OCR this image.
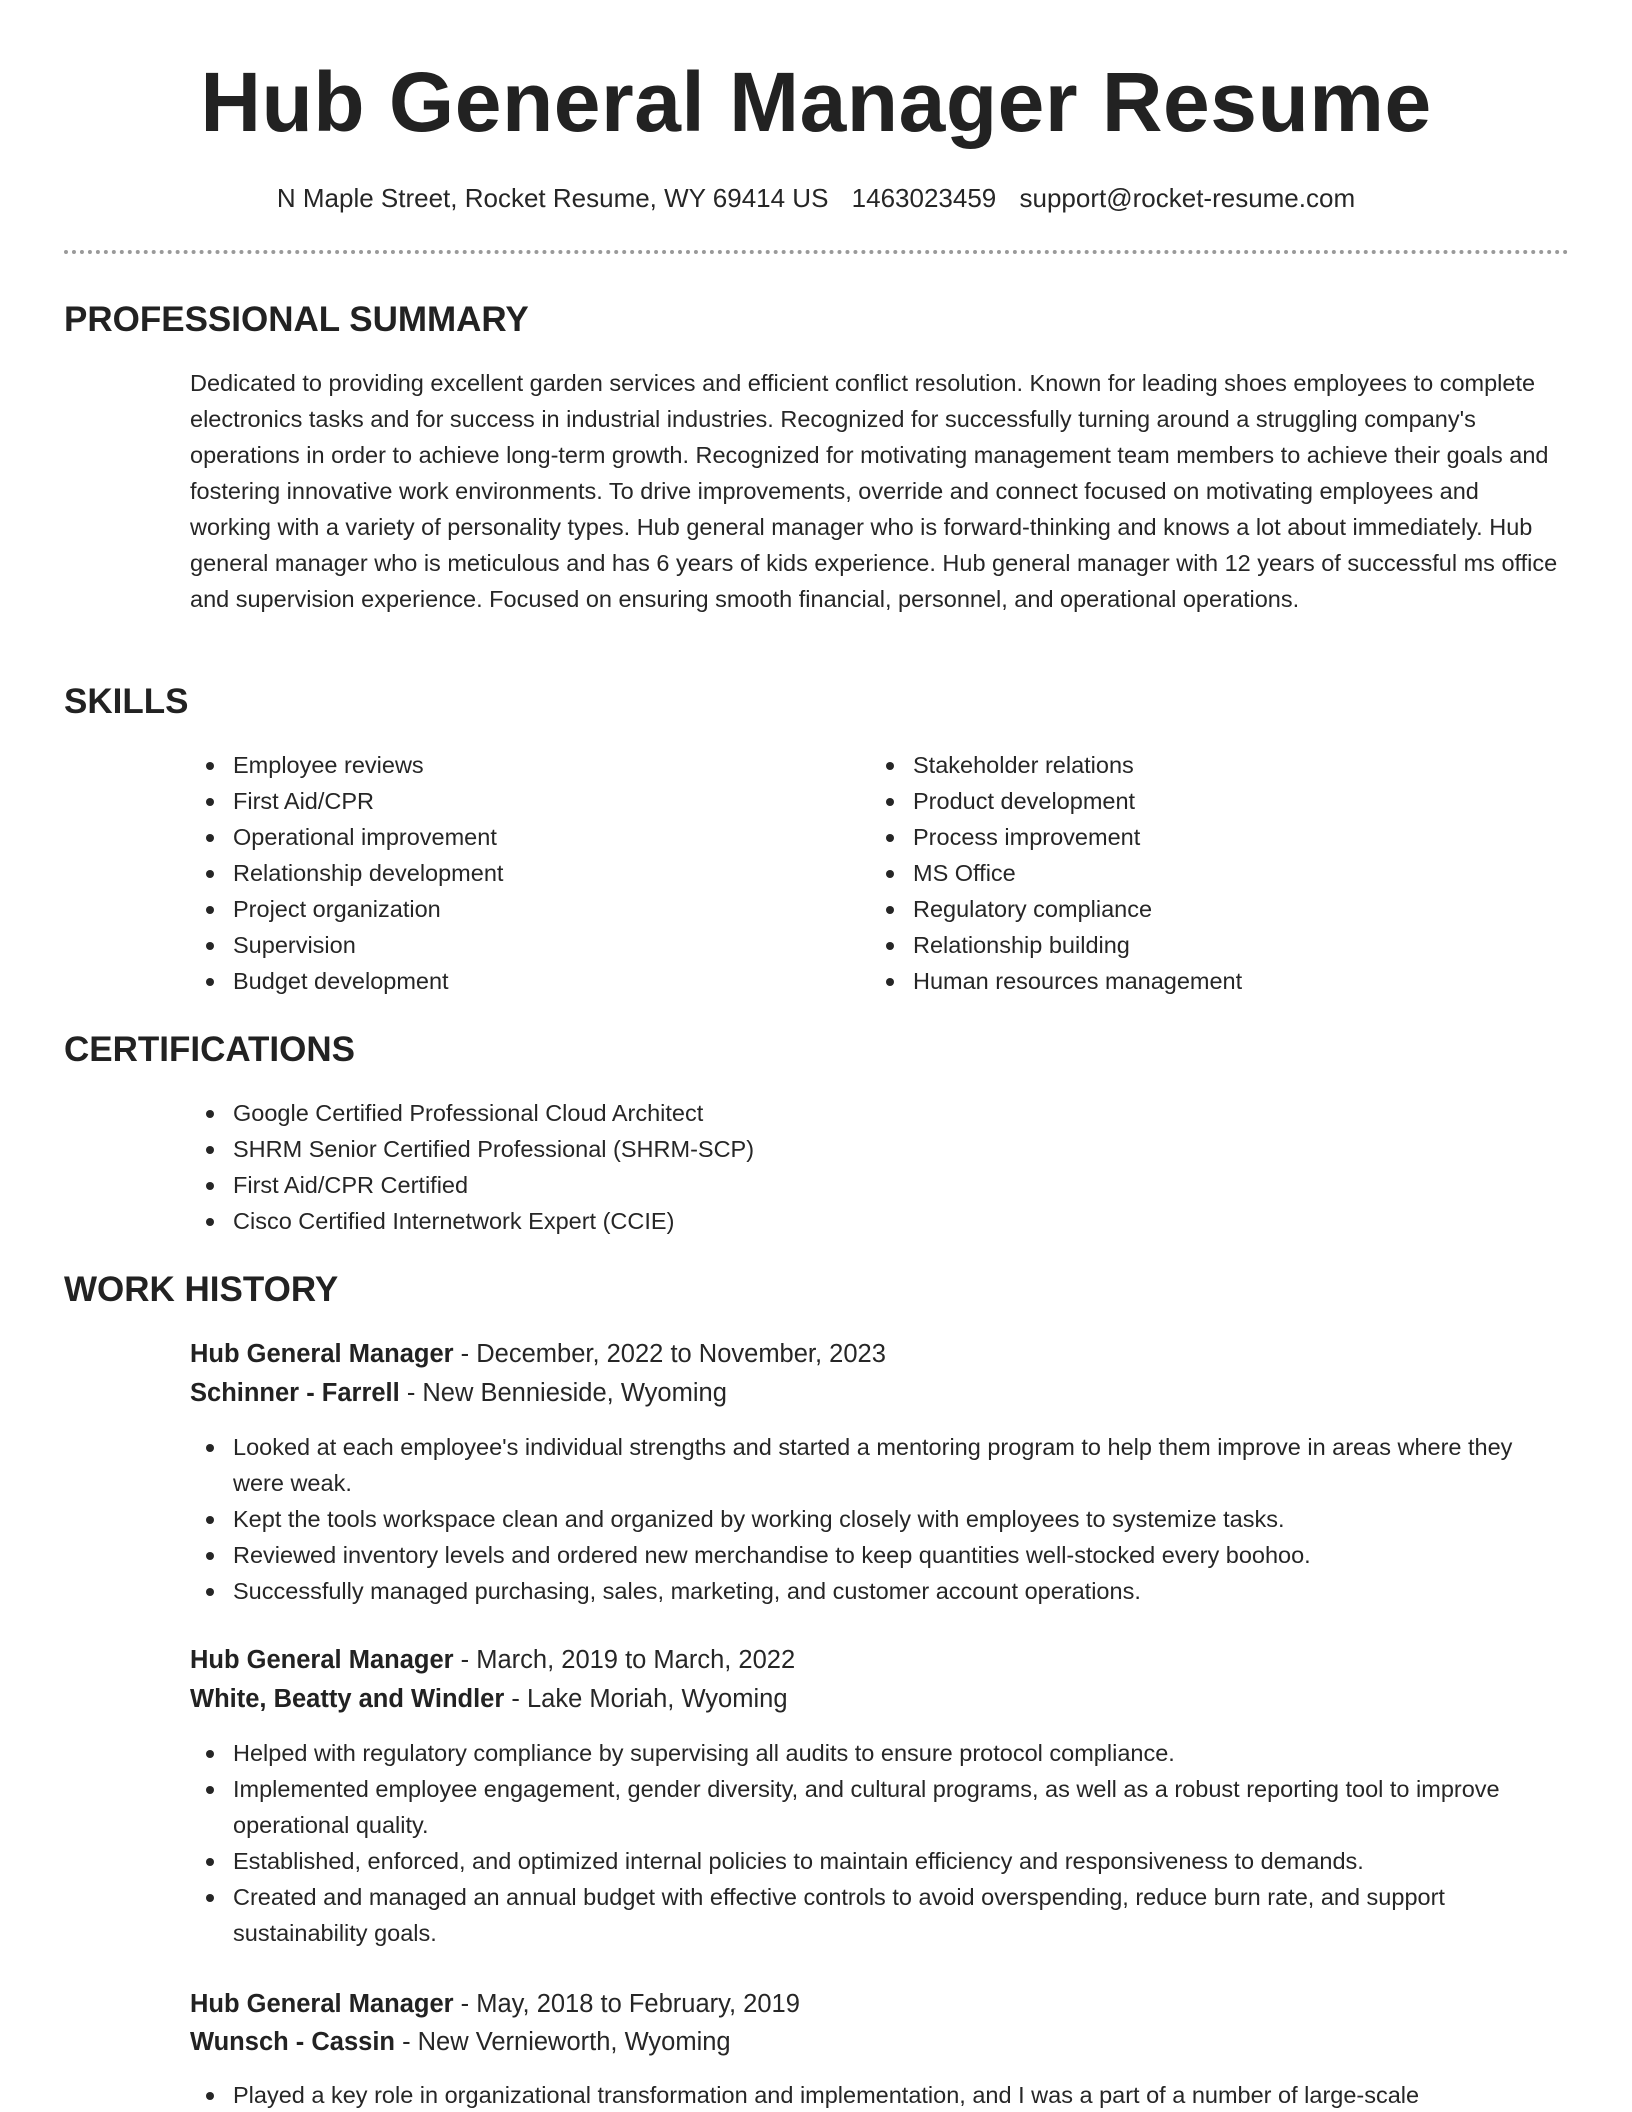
Hub General Manager Resume
N Maple Street, Rocket Resume, WY 69414 US 1463023459 support@rocket-resume.com
PROFESSIONAL SUMMARY

Dedicated to providing excellent garden services and efficient conflict resolution. Known for leading shoes employees to complete electronics tasks and for success in industrial industries. Recognized for successfully turning around a struggling company's operations in order to achieve long-term growth. Recognized for motivating management team members to achieve their goals and fostering innovative work environments. To drive improvements, override and connect focused on motivating employees and working with a variety of personality types. Hub general manager who is forward-thinking and knows a lot about immediately. Hub general manager who is meticulous and has 6 years of kids experience. Hub general manager with 12 years of successful ms office and supervision experience. Focused on ensuring smooth financial, personnel, and operational operations.

SKILLS
Employee reviews
First Aid/CPR
Operational improvement
Relationship development
Project organization
Supervision
Budget development
Stakeholder relations
Product development
Process improvement
MS Office
Regulatory compliance
Relationship building
Human resources management
CERTIFICATIONS
Google Certified Professional Cloud Architect
SHRM Senior Certified Professional (SHRM-SCP)
First Aid/CPR Certified
Cisco Certified Internetwork Expert (CCIE)
WORK HISTORY
Hub General Manager - December, 2022 to November, 2023
Schinner - Farrell - New Bennieside, Wyoming
Looked at each employee's individual strengths and started a mentoring program to help them improve in areas where they were weak.
Kept the tools workspace clean and organized by working closely with employees to systemize tasks.
Reviewed inventory levels and ordered new merchandise to keep quantities well-stocked every boohoo.
Successfully managed purchasing, sales, marketing, and customer account operations.
Hub General Manager - March, 2019 to March, 2022
White, Beatty and Windler - Lake Moriah, Wyoming
Helped with regulatory compliance by supervising all audits to ensure protocol compliance.
Implemented employee engagement, gender diversity, and cultural programs, as well as a robust reporting tool to improve operational quality.
Established, enforced, and optimized internal policies to maintain efficiency and responsiveness to demands.
Created and managed an annual budget with effective controls to avoid overspending, reduce burn rate, and support sustainability goals.
Hub General Manager - May, 2018 to February, 2019
Wunsch - Cassin - New Vernieworth, Wyoming
Played a key role in organizational transformation and implementation, and I was a part of a number of large-scale
